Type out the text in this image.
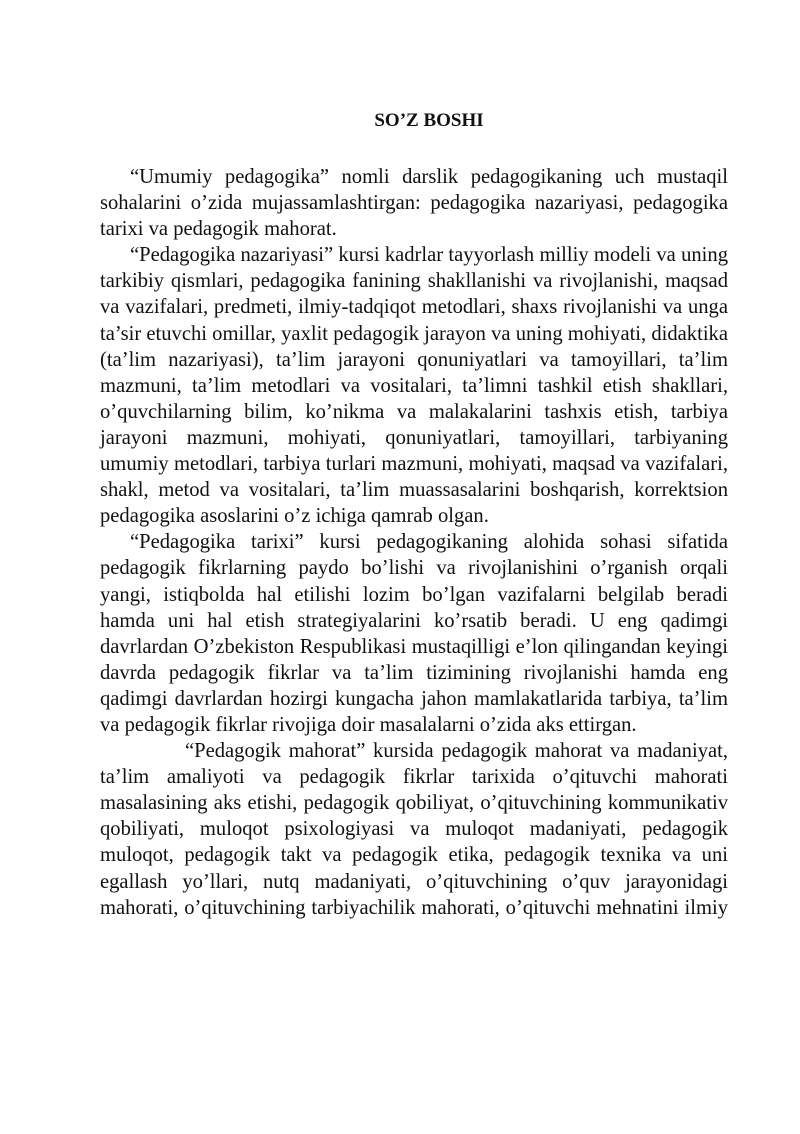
SO’Z BOSHI

“Umumiy pedagogika” nomli darslik pedagogikaning uch mustaqil sohalarini o’zida mujassamlashtirgan: pedagogika nazariyasi, pedagogika tarixi va pedagogik mahorat.

“Pedagogika nazariyasi” kursi kadrlar tayyorlash milliy modeli va uning tarkibiy qismlari, pedagogika fanining shakllanishi va rivojlanishi, maqsad va vazifalari, predmeti, ilmiy-tadqiqot metodlari, shaxs rivojlanishi va unga ta’sir etuvchi omillar, yaxlit pedagogik jarayon va uning mohiyati, didaktika (ta’lim nazariyasi), ta’lim jarayoni qonuniyatlari va tamoyillari, ta’lim mazmuni, ta’lim metodlari va vositalari, ta’limni tashkil etish shakllari, o’quvchilarning bilim, ko’nikma va malakalarini tashxis etish, tarbiya jarayoni mazmuni, mohiyati, qonuniyatlari, tamoyillari, tarbiyaning umumiy metodlari, tarbiya turlari mazmuni, mohiyati, maqsad va vazifalari, shakl, metod va vositalari, ta’lim muassasalarini boshqarish, korrektsion pedagogika asoslarini o’z ichiga qamrab olgan.

“Pedagogika tarixi” kursi pedagogikaning alohida sohasi sifatida pedagogik fikrlarning paydo bo’lishi va rivojlanishini o’rganish orqali yangi, istiqbolda hal etilishi lozim bo’lgan vazifalarni belgilab beradi hamda uni hal etish strategiyalarini ko’rsatib beradi. U eng qadimgi davrlardan O’zbekiston Respublikasi mustaqilligi e’lon qilingandan keyingi davrda pedagogik fikrlar va ta’lim tizimining rivojlanishi hamda eng qadimgi davrlardan hozirgi kungacha jahon mamlakatlarida tarbiya, ta’lim va pedagogik fikrlar rivojiga doir masalalarni o’zida aks ettirgan.

“Pedagogik mahorat” kursida pedagogik mahorat va madaniyat, ta’lim amaliyoti va pedagogik fikrlar tarixida o’qituvchi mahorati masalasining aks etishi, pedagogik qobiliyat, o’qituvchining kommunikativ qobiliyati, muloqot psixologiyasi va muloqot madaniyati, pedagogik muloqot, pedagogik takt va pedagogik etika, pedagogik texnika va uni egallash yo’llari, nutq madaniyati, o’qituvchining o’quv jarayonidagi mahorati, o’qituvchining tarbiyachilik mahorati, o’qituvchi mehnatini ilmiy
